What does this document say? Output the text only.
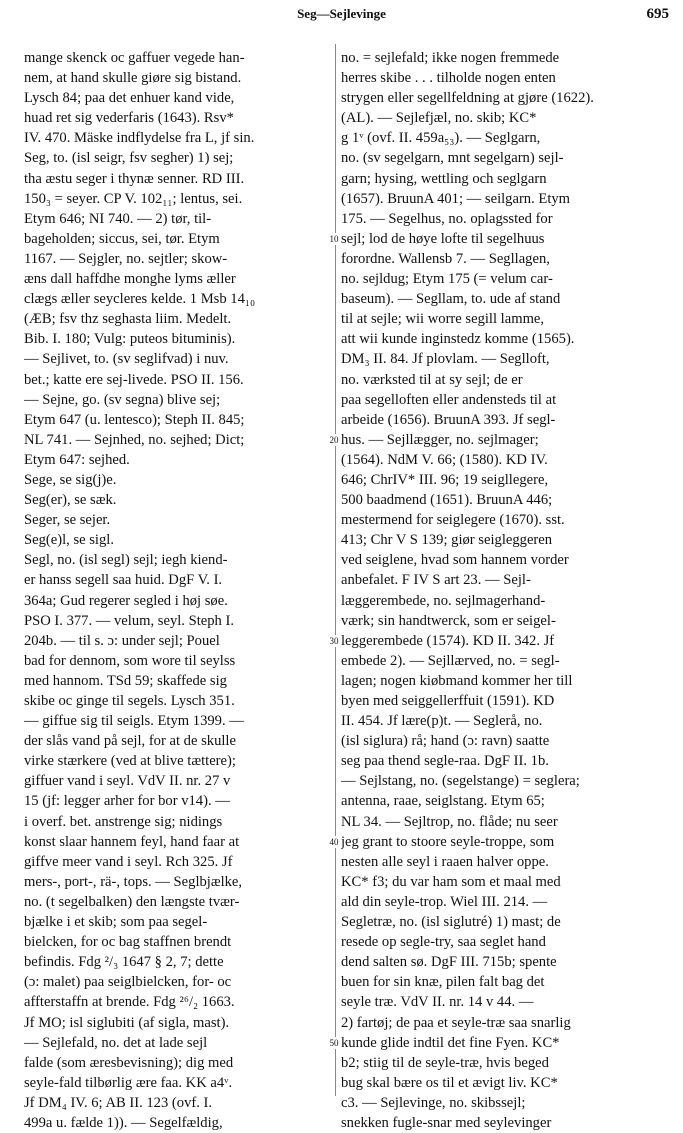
Seg—Sejlevinge	695
10
20
30
40
50
mange skenck oc gaffuer vegede han-
nem, at hand skulle giøre sig bistand.
Lysch 84; paa det enhuer kand vide,
huad ret sig vederfaris (1643). Rsv*
IV. 470. Mäske indflydelse fra L, jf sin.
Seg, to. (isl seigr, fsv segher) 1) sej;
tha æstu seger i thynæ senner. RD III.
150₃ = seyer. CP V. 102₁₁; lentus, sei.
Etym 646; NI 740. — 2) tør, til-
bageholden; siccus, sei, tør. Etym
1167. — Sejgler, no. sejtler; skow-
æns dall haffdhe monghe lyms æller
clægs æller seycleres kelde. 1 Msb 14₁₀
(ÆB; fsv thz seghasta liim. Medelt.
Bib. I. 180; Vulg: puteos bituminis).
— Sejlivet, to. (sv seglifvad) i nuv.
bet.; katte ere sej-livede. PSO II. 156.
— Sejne, go. (sv segna) blive sej;
Etym 647 (u. lentesco); Steph II. 845;
NL 741. — Sejnhed, no. sejhed; Dict;
Etym 647: sejhed.
Sege, se sig(j)e.
Seg(er), se sæk.
Seger, se sejer.
Seg(e)l, se sigl.
Segl, no. (isl segl) sejl; iegh kiend-
er hanss segell saa huid. DgF V. I.
364a; Gud regerer segled i høj søe.
PSO I. 377. — velum, seyl. Steph I.
204b. — til s. ɔ: under sejl; Pouel
bad for dennom, som wore til seylss
med hannom. TSd 59; skaffede sig
skibe oc ginge til segels. Lysch 351.
— giffue sig til seigls. Etym 1399. —
der slås vand på sejl, for at de skulle
virke stærkere (ved at blive tættere);
giffuer vand i seyl. VdV II. nr. 27 v
15 (jf: legger arher for bor v14). —
i overf. bet. anstrenge sig; nidings
konst slaar hannem feyl, hand faar at
giffve meer vand i seyl. Rch 325. Jf
mers-, port-, rä-, tops. — Seglbjælke,
no. (t segelbalken) den længste tvær-
bjælke i et skib; som paa segel-
bielcken, for oc bag staffnen brendt
befindis. Fdg ²/₃ 1647 § 2, 7; dette
(ɔ: malet) paa seiglbielcken, for- oc
affterstaffn at brende. Fdg ²⁶/₂ 1663.
Jf MO; isl siglubiti (af sigla, mast).
— Sejlefald, no. det at lade sejl
falde (som æresbevisning); dig med
seyle-fald tilbørlig ære faa. KK a4ᵛ.
Jf DM₄ IV. 6; AB II. 123 (ovf. I.
499a u. fælde 1)). — Segelfældig,
no. = sejlefald; ikke nogen fremmede
herres skibe . . . tilholde nogen enten
strygen eller segellfeldning at gjøre (1622).
(AL). — Sejlefjæl, no. skib; KC*
g 1ᵛ (ovf. II. 459a₅₃). — Seglgarn,
no. (sv segelgarn, mnt segelgarn) sejl-
garn; hysing, wettling och seglgarn
(1657). BruunA 401; — seilgarn. Etym
175. — Segelhus, no. oplagssted for
sejl; lod de høye lofte til segelhuus
forordne. Wallensb 7. — Segllagen,
no. sejldug; Etym 175 (= velum car-
baseum). — Segllam, to. ude af stand
til at sejle; wii worre segill lamme,
att wii kunde inginstedz komme (1565).
DM₃ II. 84. Jf plovlam. — Seglloft,
no. værksted til at sy sejl; de er
paa segelloften eller andensteds til at
arbeide (1656). BruunA 393. Jf segl-
hus. — Sejllægger, no. sejlmager;
(1564). NdM V. 66; (1580). KD IV.
646; ChrIV* III. 96; 19 seigllegere,
500 baadmend (1651). BruunA 446;
mestermend for seiglegere (1670). sst.
413; Chr V S 139; giør seigleggeren
ved seiglene, hvad som hannem vorder
anbefalet. F IV S art 23. — Sejl-
læggerembede, no. sejlmagerhand-
værk; sin handtwerck, som er seigel-
leggerembede (1574). KD II. 342. Jf
embede 2). — Sejllærved, no. = segl-
lagen; nogen kiøbmand kommer her till
byen med seiggellerffuit (1591). KD
II. 454. Jf lære(p)t. — Seglerå, no.
(isl siglura) rå; hand (ɔ: ravn) saatte
seg paa thend segle-raa. DgF II. 1b.
— Sejlstang, no. (segelstange) = seglera;
antenna, raae, seiglstang. Etym 65;
NL 34. — Sejltrop, no. flåde; nu seer
jeg grant to stoore seyle-troppe, som
nesten alle seyl i raaen halver oppe.
KC* f3; du var ham som et maal med
ald din seyle-trop. Wiel III. 214. —
Segletræ, no. (isl siglutré) 1) mast; de
resede op segle-try, saa seglet hand
dend salten sø. DgF III. 715b; spente
buen for sin knæ, pilen falt bag det
seyle træ. VdV II. nr. 14 v 44. —
2) fartøj; de paa et seyle-træ saa snarlig
kunde glide indtil det fine Fyen. KC*
b2; stiig til de seyle-træ, hvis beged
bug skal bære os til et ævigt liv. KC*
c3. — Sejlevinge, no. skibssejl;
snekken fugle-snar med seylevinger
